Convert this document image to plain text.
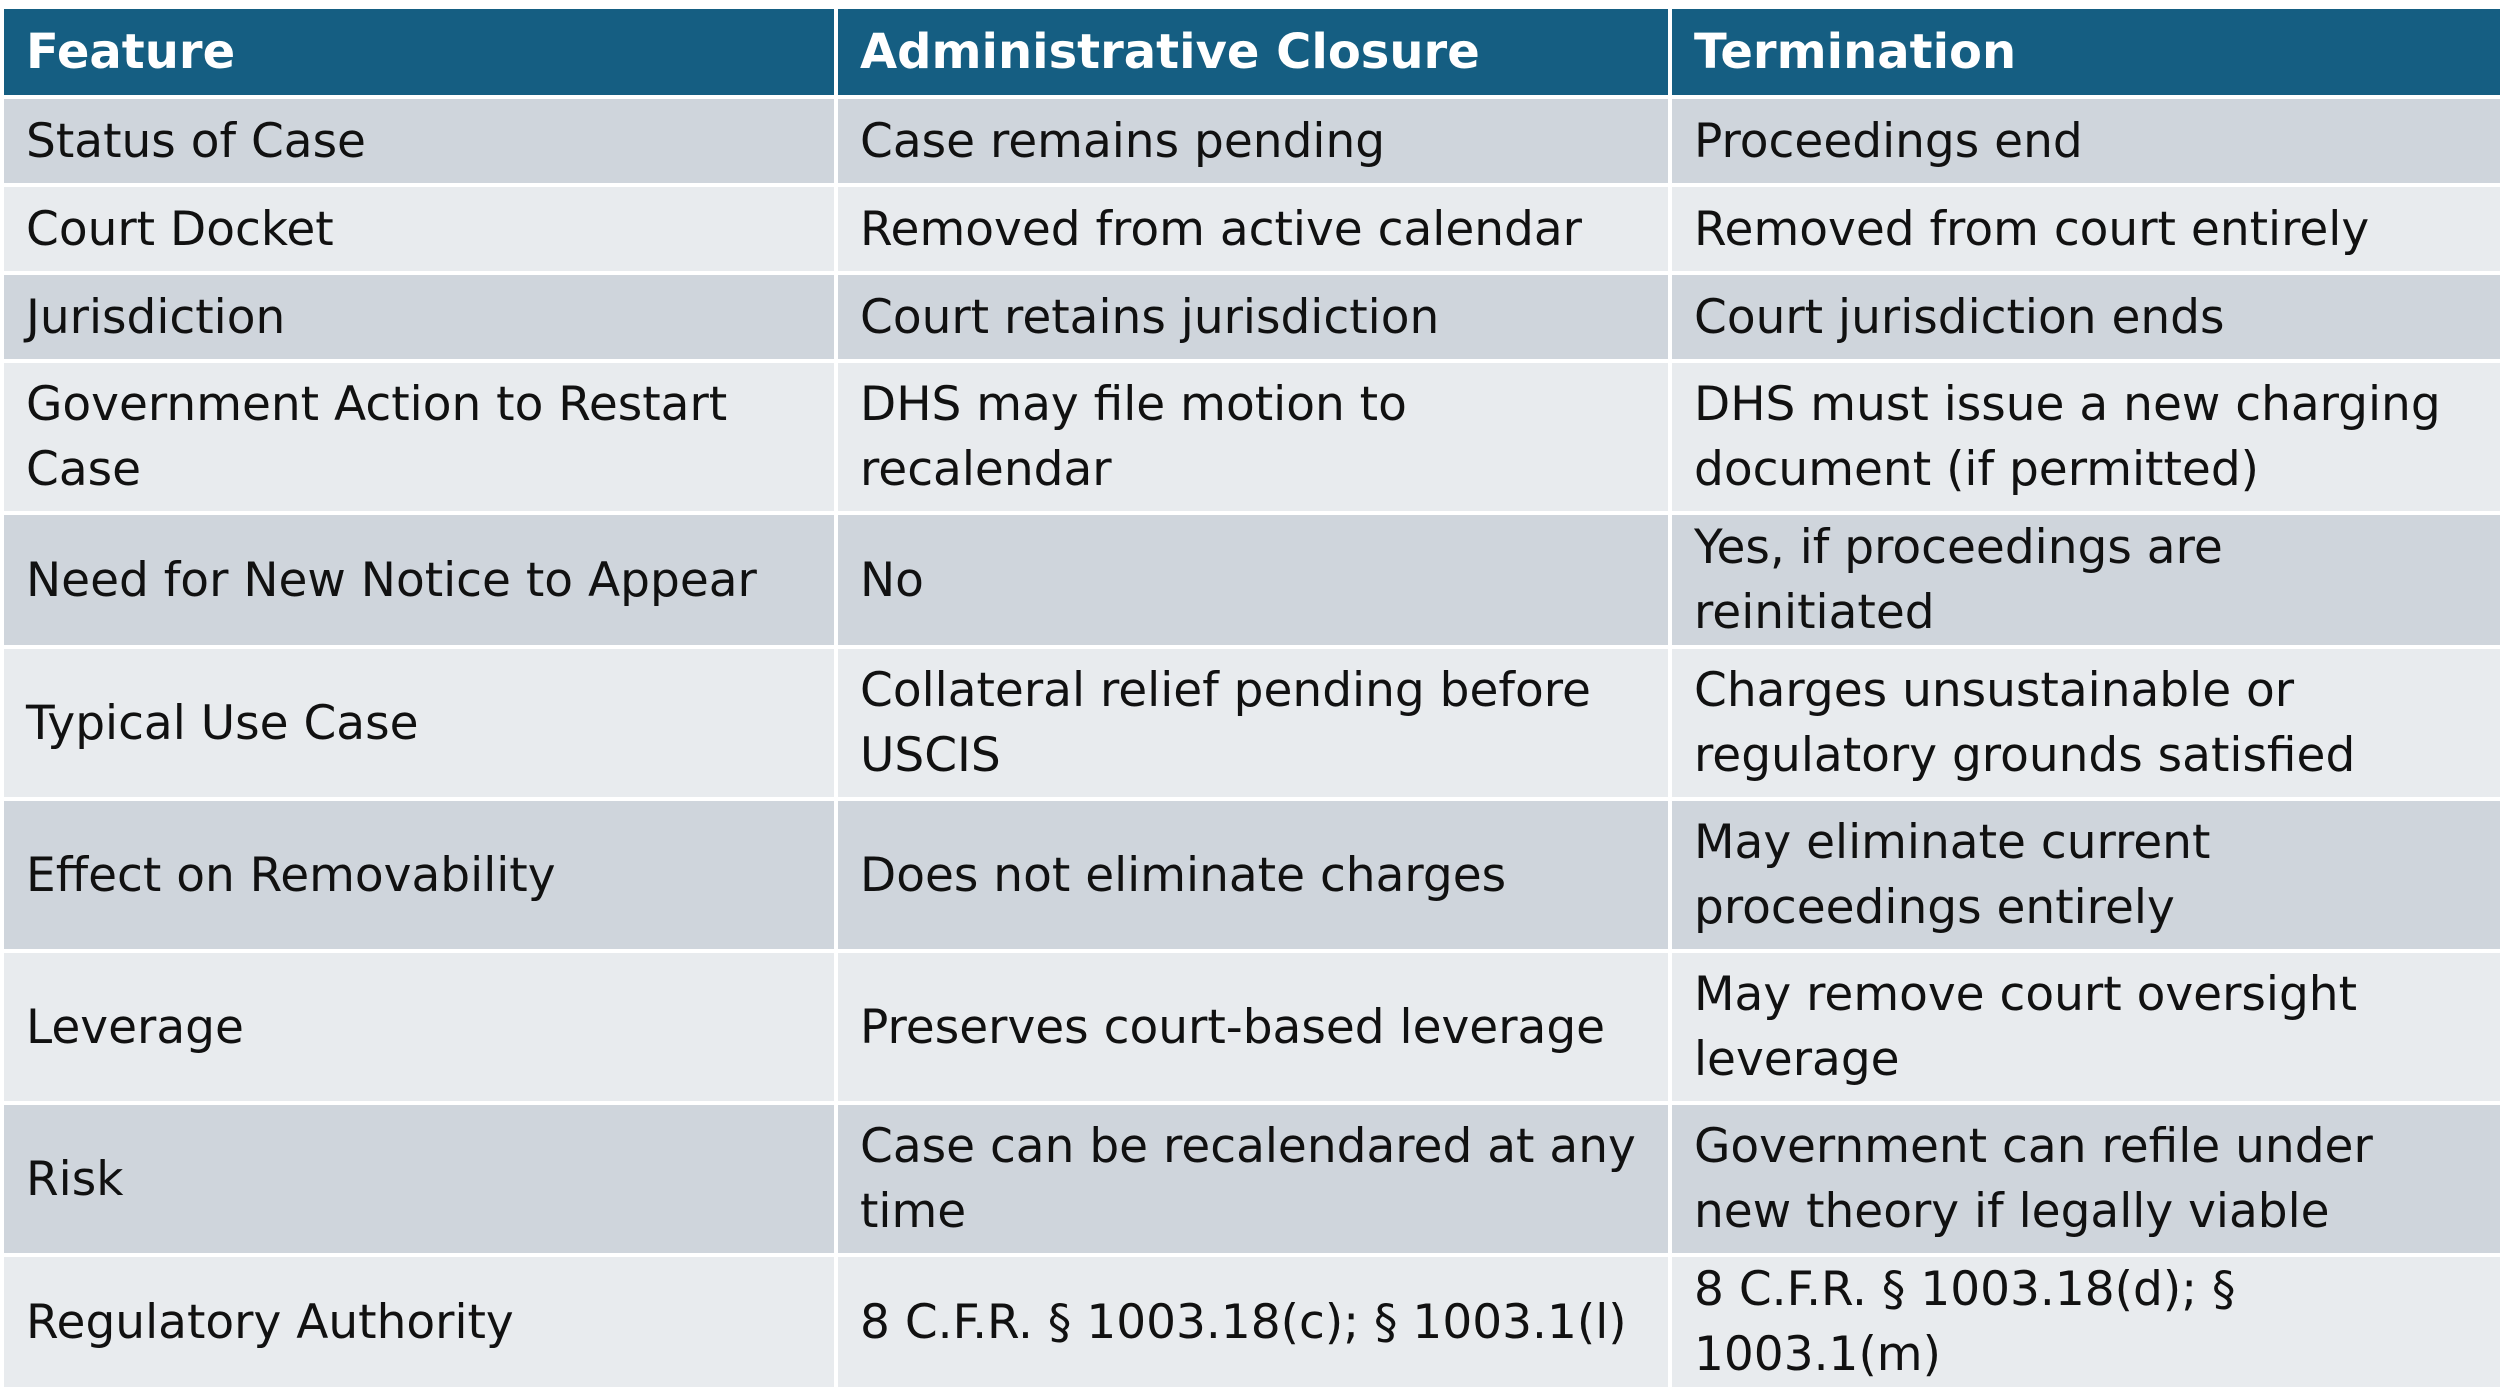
Feature	Administrative Closure	Termination
Status of Case	Case remains pending	Proceedings end
Court Docket	Removed from active calendar	Removed from court entirely
Jurisdiction	Court retains jurisdiction	Court jurisdiction ends
Government Action to Restart Case	DHS may file motion to recalendar	DHS must issue a new charging document (if permitted)
Need for New Notice to Appear	No	Yes, if proceedings are reinitiated
Typical Use Case	Collateral relief pending before USCIS	Charges unsustainable or regulatory grounds satisfied
Effect on Removability	Does not eliminate charges	May eliminate current proceedings entirely
Leverage	Preserves court-based leverage	May remove court oversight leverage
Risk	Case can be recalendared at any time	Government can refile under new theory if legally viable
Regulatory Authority	8 C.F.R. § 1003.18(c); § 1003.1(l)	8 C.F.R. § 1003.18(d); § 1003.1(m)
